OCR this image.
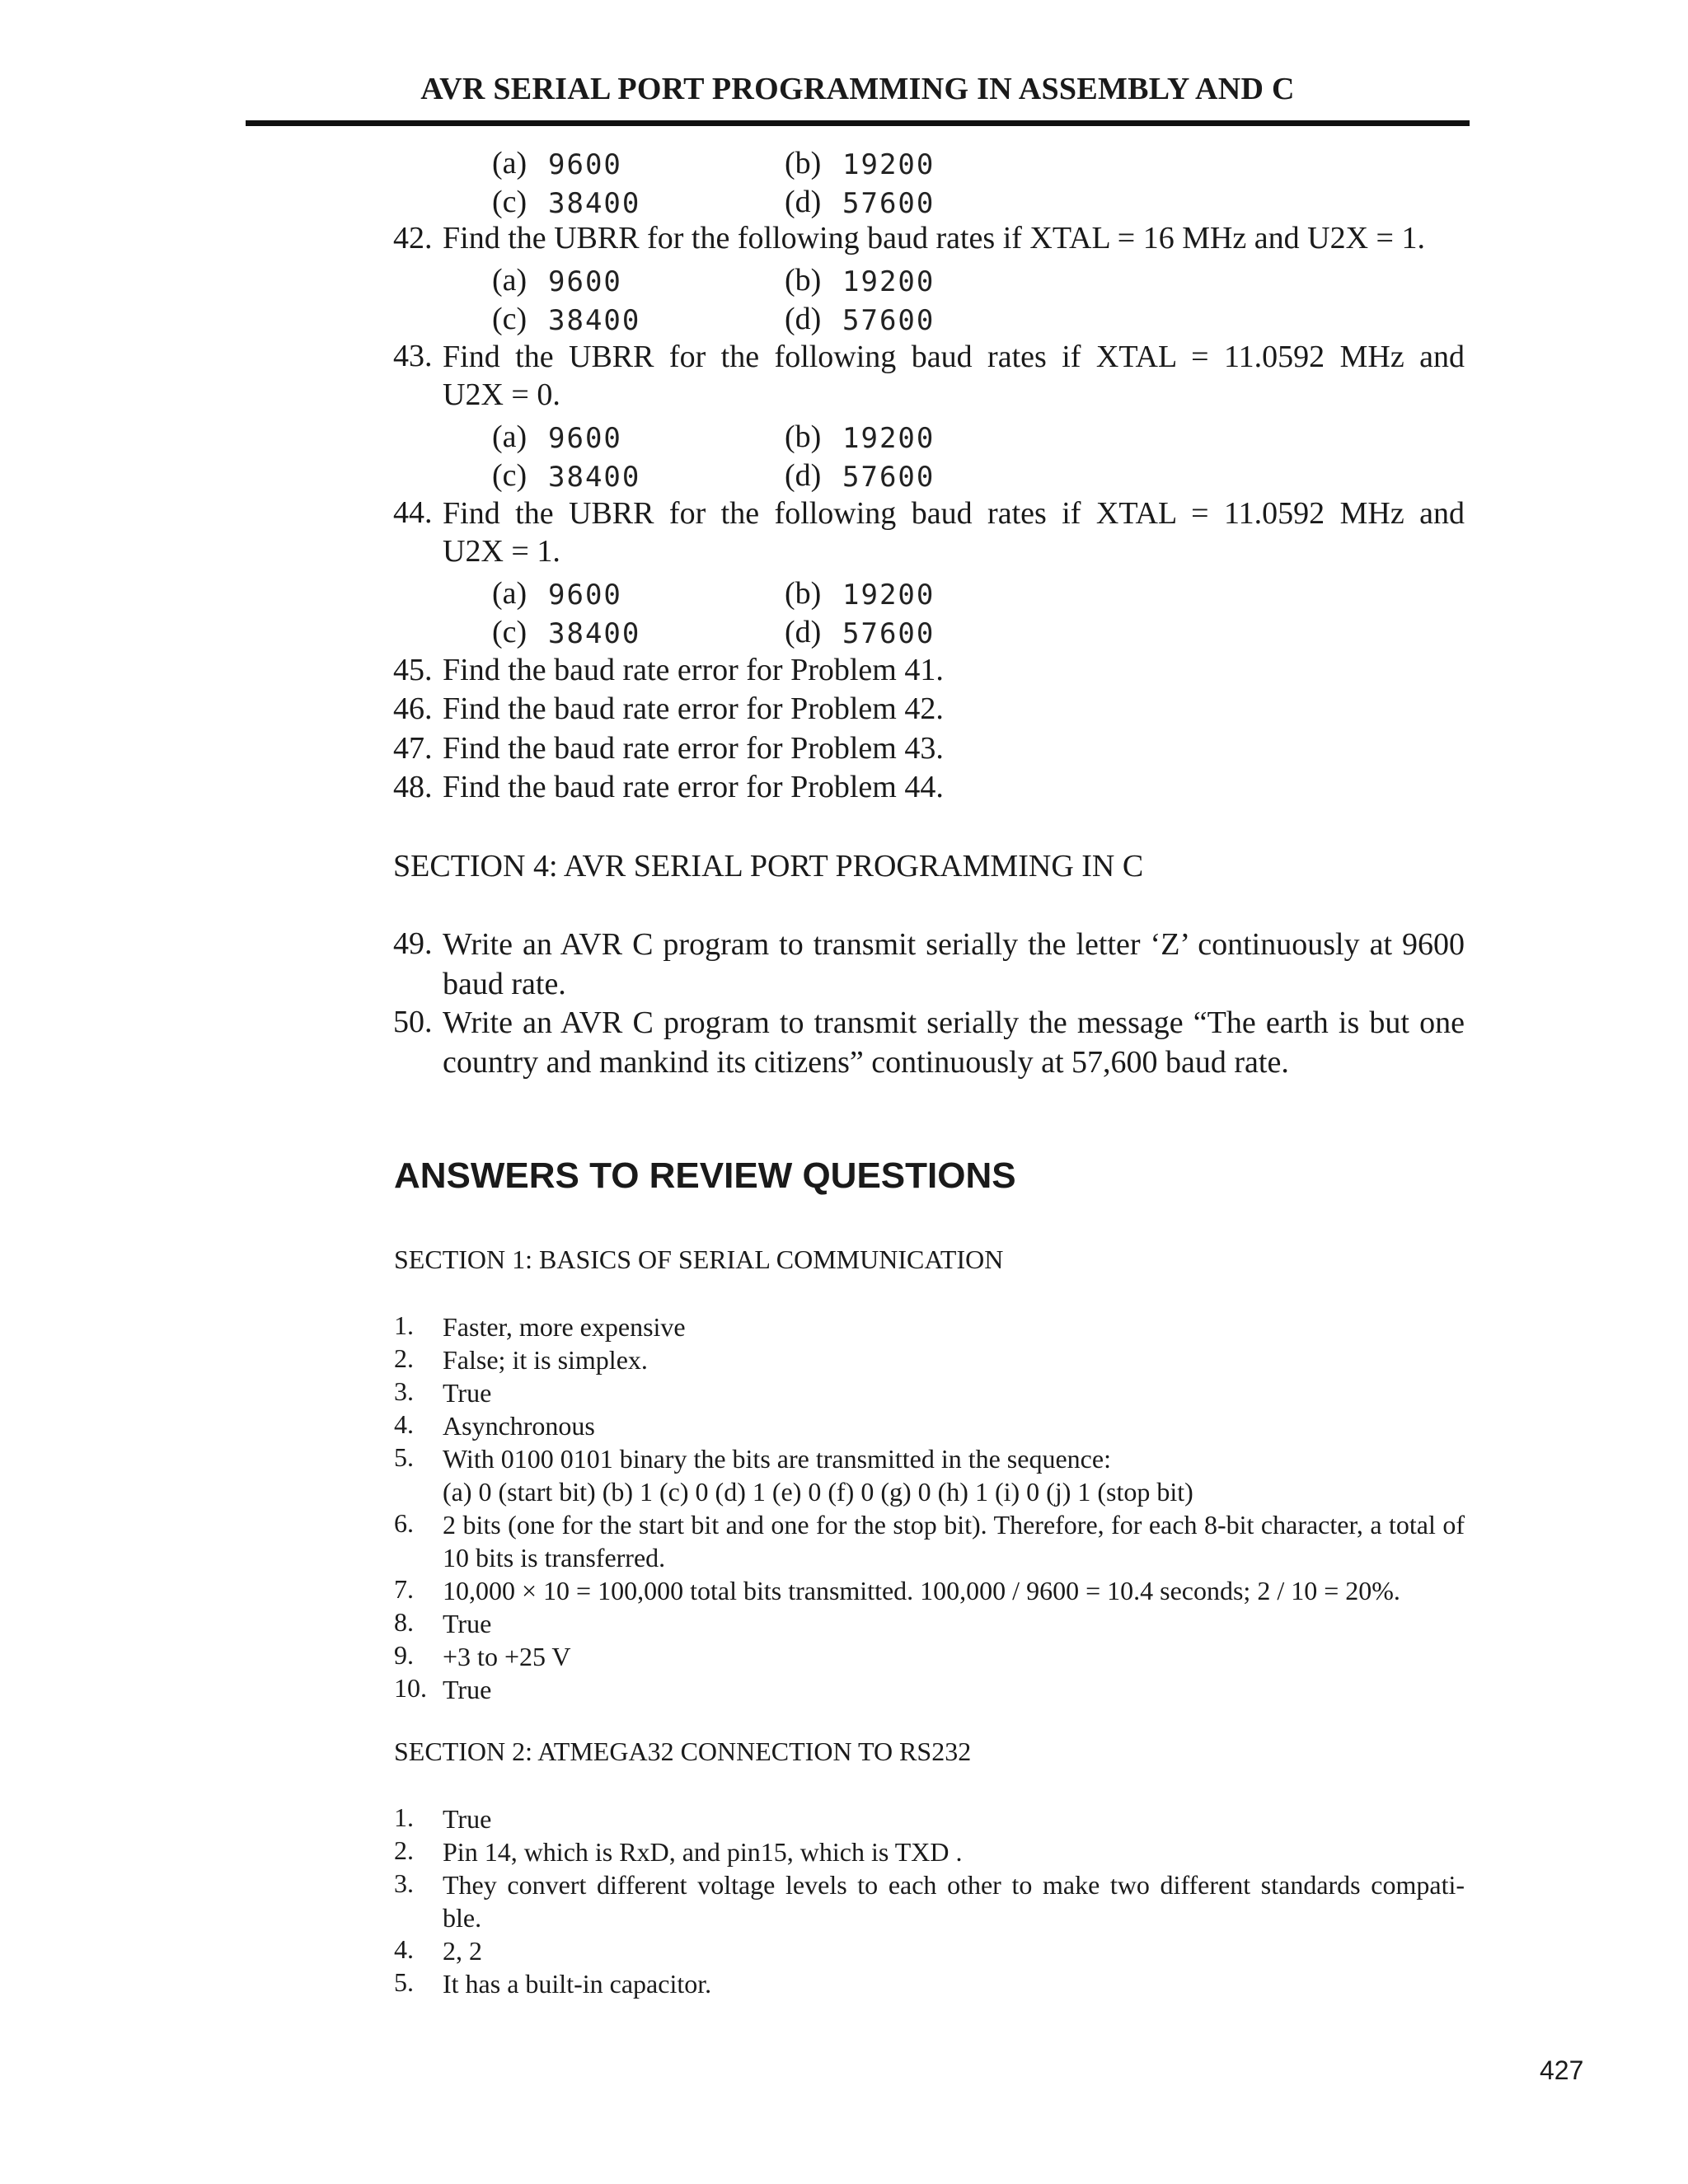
AVR SERIAL PORT PROGRAMMING IN ASSEMBLY AND C
(a) 9600	(b) 19200
(c) 38400	(d) 57600
42. Find the UBRR for the following baud rates if XTAL = 16 MHz and U2X = 1.
(a) 9600	(b) 19200
(c) 38400	(d) 57600
43. Find the UBRR for the following baud rates if XTAL = 11.0592 MHz and
U2X = 0.
(a) 9600	(b) 19200
(c) 38400	(d) 57600
44. Find the UBRR for the following baud rates if XTAL = 11.0592 MHz and
U2X = 1.
(a) 9600	(b) 19200
(c) 38400	(d) 57600
45. Find the baud rate error for Problem 41.
46. Find the baud rate error for Problem 42.
47. Find the baud rate error for Problem 43.
48. Find the baud rate error for Problem 44.
SECTION 4: AVR SERIAL PORT PROGRAMMING IN C
49. Write an AVR C program to transmit serially the letter ‘Z’ continuously at 9600 baud rate.
50. Write an AVR C program to transmit serially the message “The earth is but one country and mankind its citizens” continuously at 57,600 baud rate.
ANSWERS TO REVIEW QUESTIONS
SECTION 1: BASICS OF SERIAL COMMUNICATION
1. Faster, more expensive
2. False; it is simplex.
3. True
4. Asynchronous
5. With 0100 0101 binary the bits are transmitted in the sequence:
(a) 0 (start bit) (b) 1 (c) 0 (d) 1 (e) 0 (f) 0 (g) 0 (h) 1 (i) 0 (j) 1 (stop bit)
6. 2 bits (one for the start bit and one for the stop bit). Therefore, for each 8-bit character, a total of 10 bits is transferred.
7. 10,000 × 10 = 100,000 total bits transmitted. 100,000 / 9600 = 10.4 seconds; 2 / 10 = 20%.
8. True
9. +3 to +25 V
10. True
SECTION 2: ATMEGA32 CONNECTION TO RS232
1. True
2. Pin 14, which is RxD, and pin15, which is TXD .
3. They convert different voltage levels to each other to make two different standards compati-
ble.
4. 2, 2
5. It has a built-in capacitor.
427
